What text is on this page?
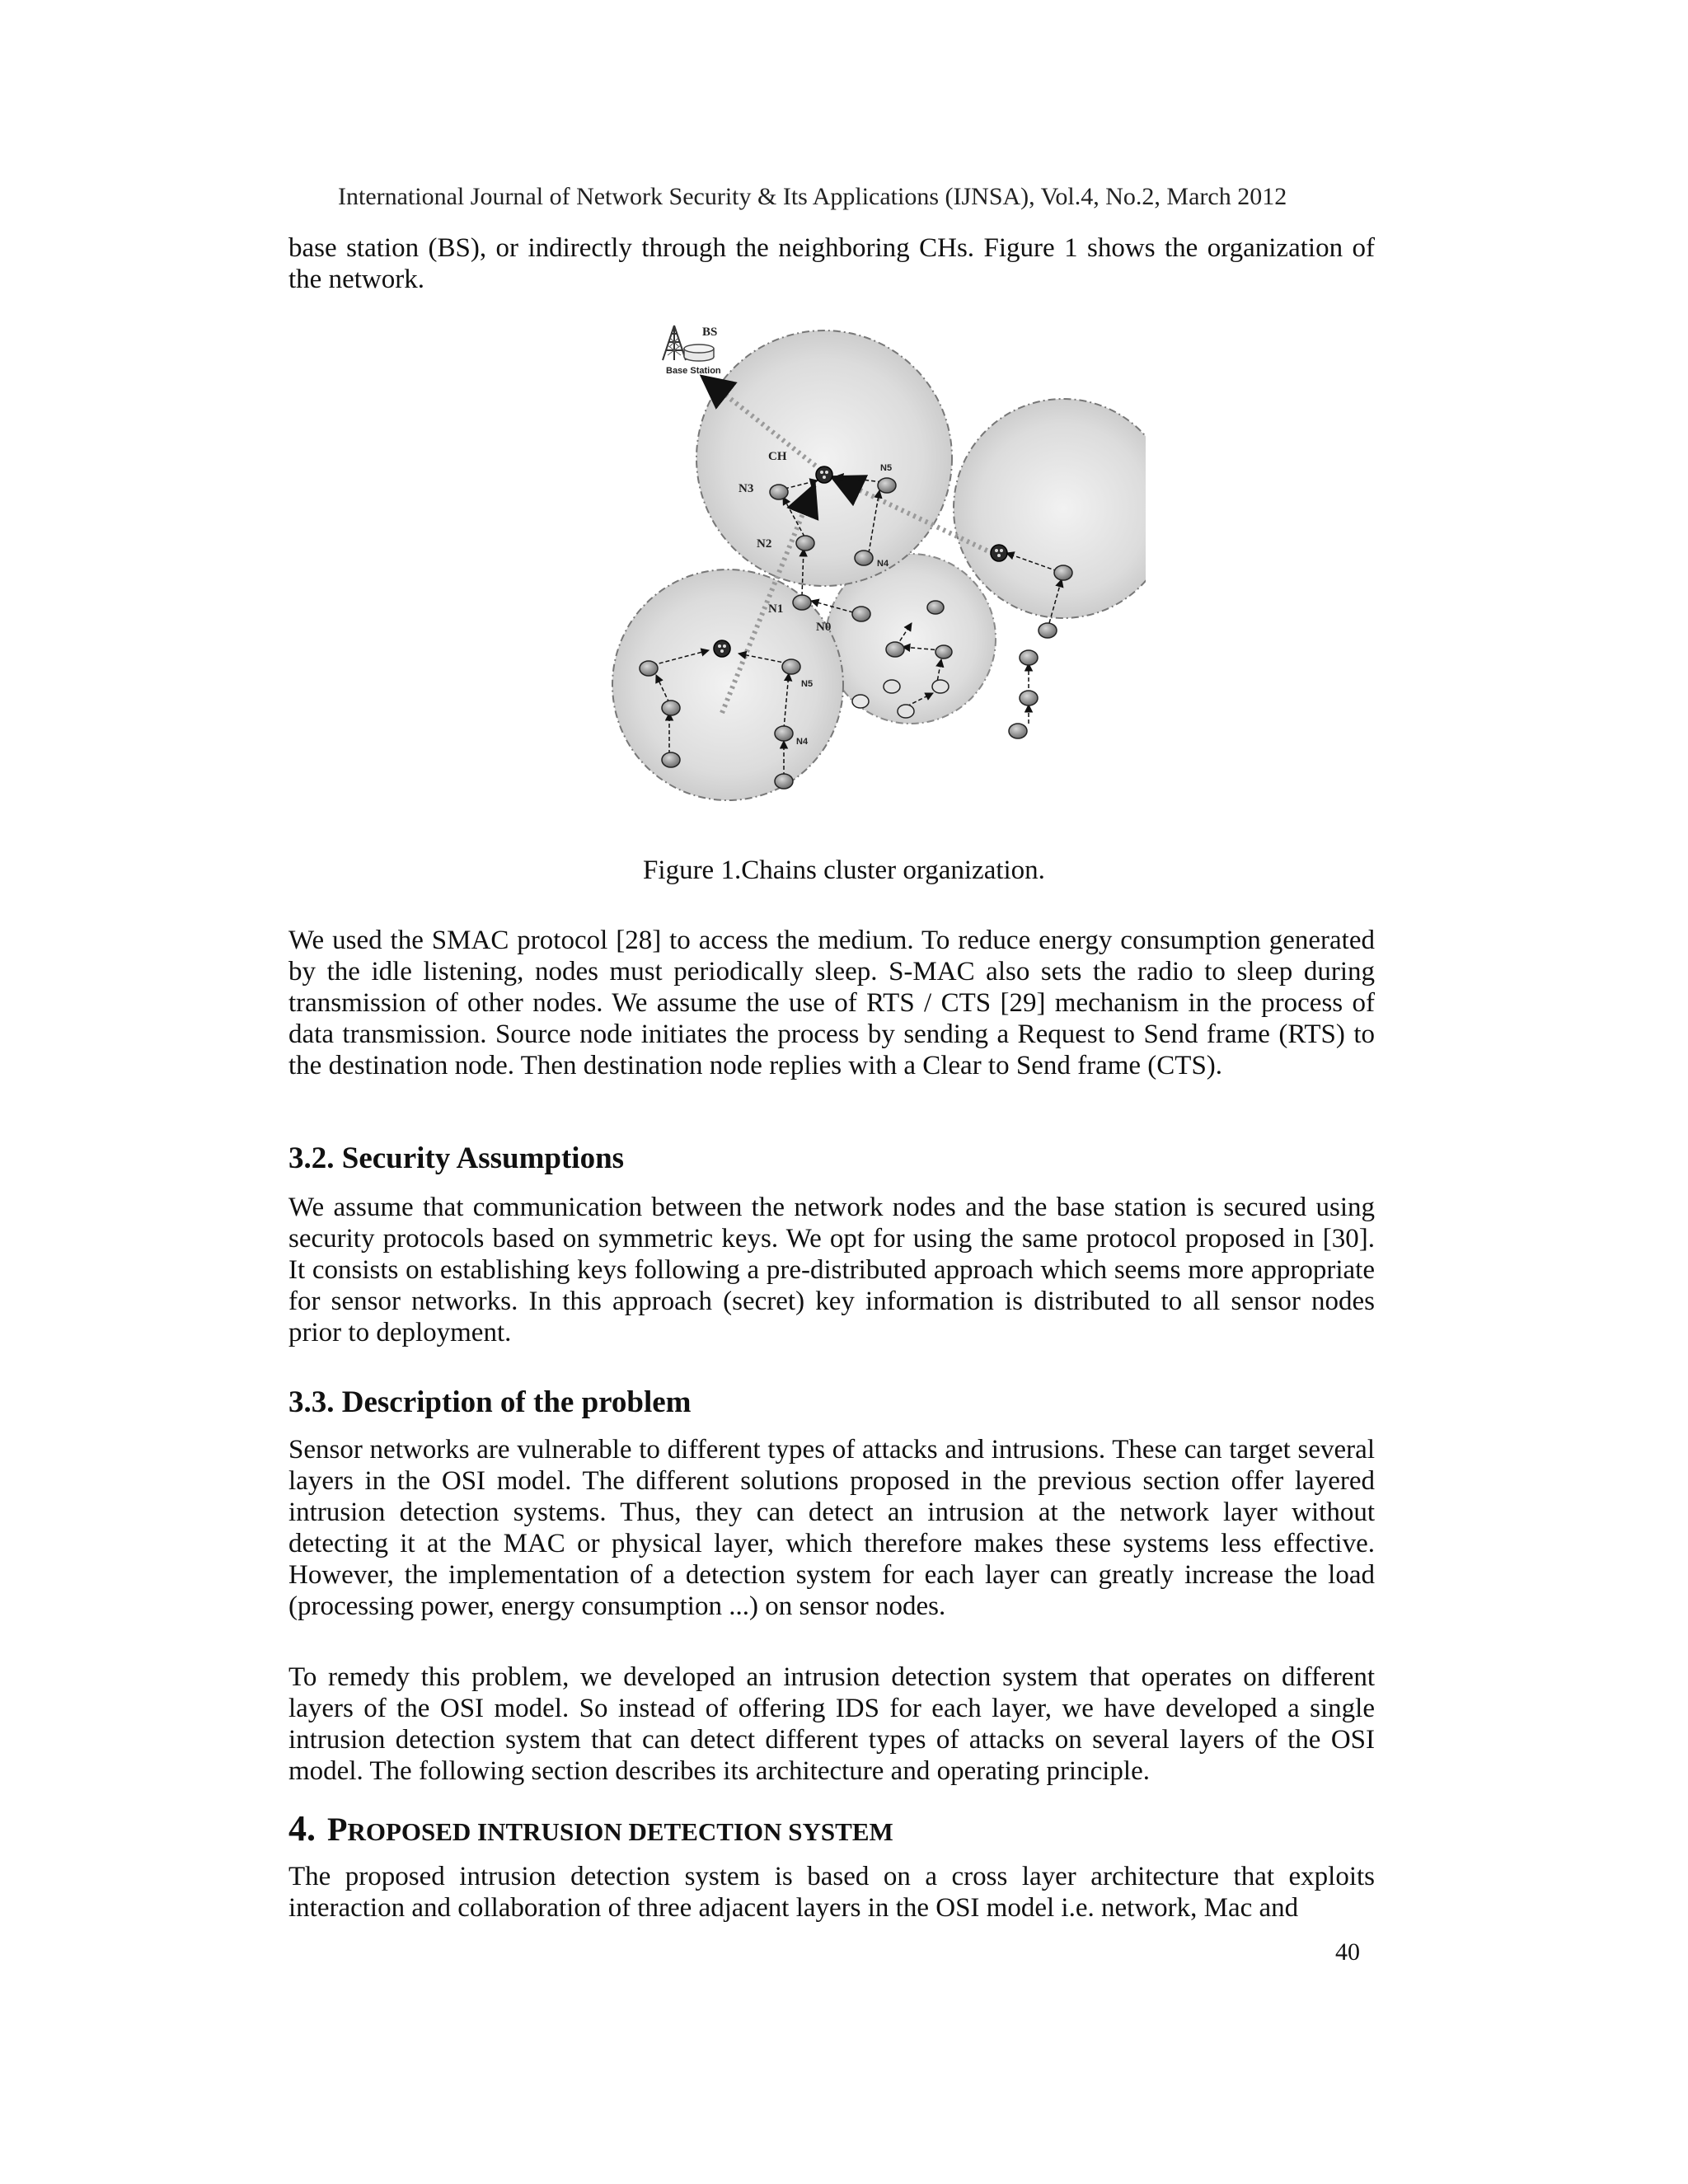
International Journal of Network Security & Its Applications (IJNSA), Vol.4, No.2, March 2012

base station (BS), or indirectly through the neighboring CHs. Figure 1 shows the organization of the network.

BS
Base Station
CH
N5
N3
N2
N4
N1
N0
N5
N4
Figure 1.Chains cluster organization.

We used the SMAC protocol [28] to access the medium. To reduce energy consumption generated by the idle listening, nodes must periodically sleep. S-MAC also sets the radio to sleep during transmission of other nodes. We assume the use of RTS / CTS [29] mechanism in the process of data transmission. Source node initiates the process by sending a Request to Send frame (RTS) to the destination node. Then destination node replies with a Clear to Send frame (CTS).

3.2. Security Assumptions

We assume that communication between the network nodes and the base station is secured using security protocols based on symmetric keys. We opt for using the same protocol proposed in [30]. It consists on establishing keys following a pre-distributed approach which seems more appropriate for sensor networks. In this approach (secret) key information is distributed to all sensor nodes prior to deployment.

3.3. Description of the problem

Sensor networks are vulnerable to different types of attacks and intrusions. These can target several layers in the OSI model. The different solutions proposed in the previous section offer layered intrusion detection systems. Thus, they can detect an intrusion at the network layer without detecting it at the MAC or physical layer, which therefore makes these systems less effective. However, the implementation of a detection system for each layer can greatly increase the load (processing power, energy consumption ...) on sensor nodes.

To remedy this problem, we developed an intrusion detection system that operates on different layers of the OSI model. So instead of offering IDS for each layer, we have developed a single intrusion detection system that can detect different types of attacks on several layers of the OSI model. The following section describes its architecture and operating principle.

4. PROPOSED INTRUSION DETECTION SYSTEM

The proposed intrusion detection system is based on a cross layer architecture that exploits interaction and collaboration of three adjacent layers in the OSI model i.e. network, Mac and

40
